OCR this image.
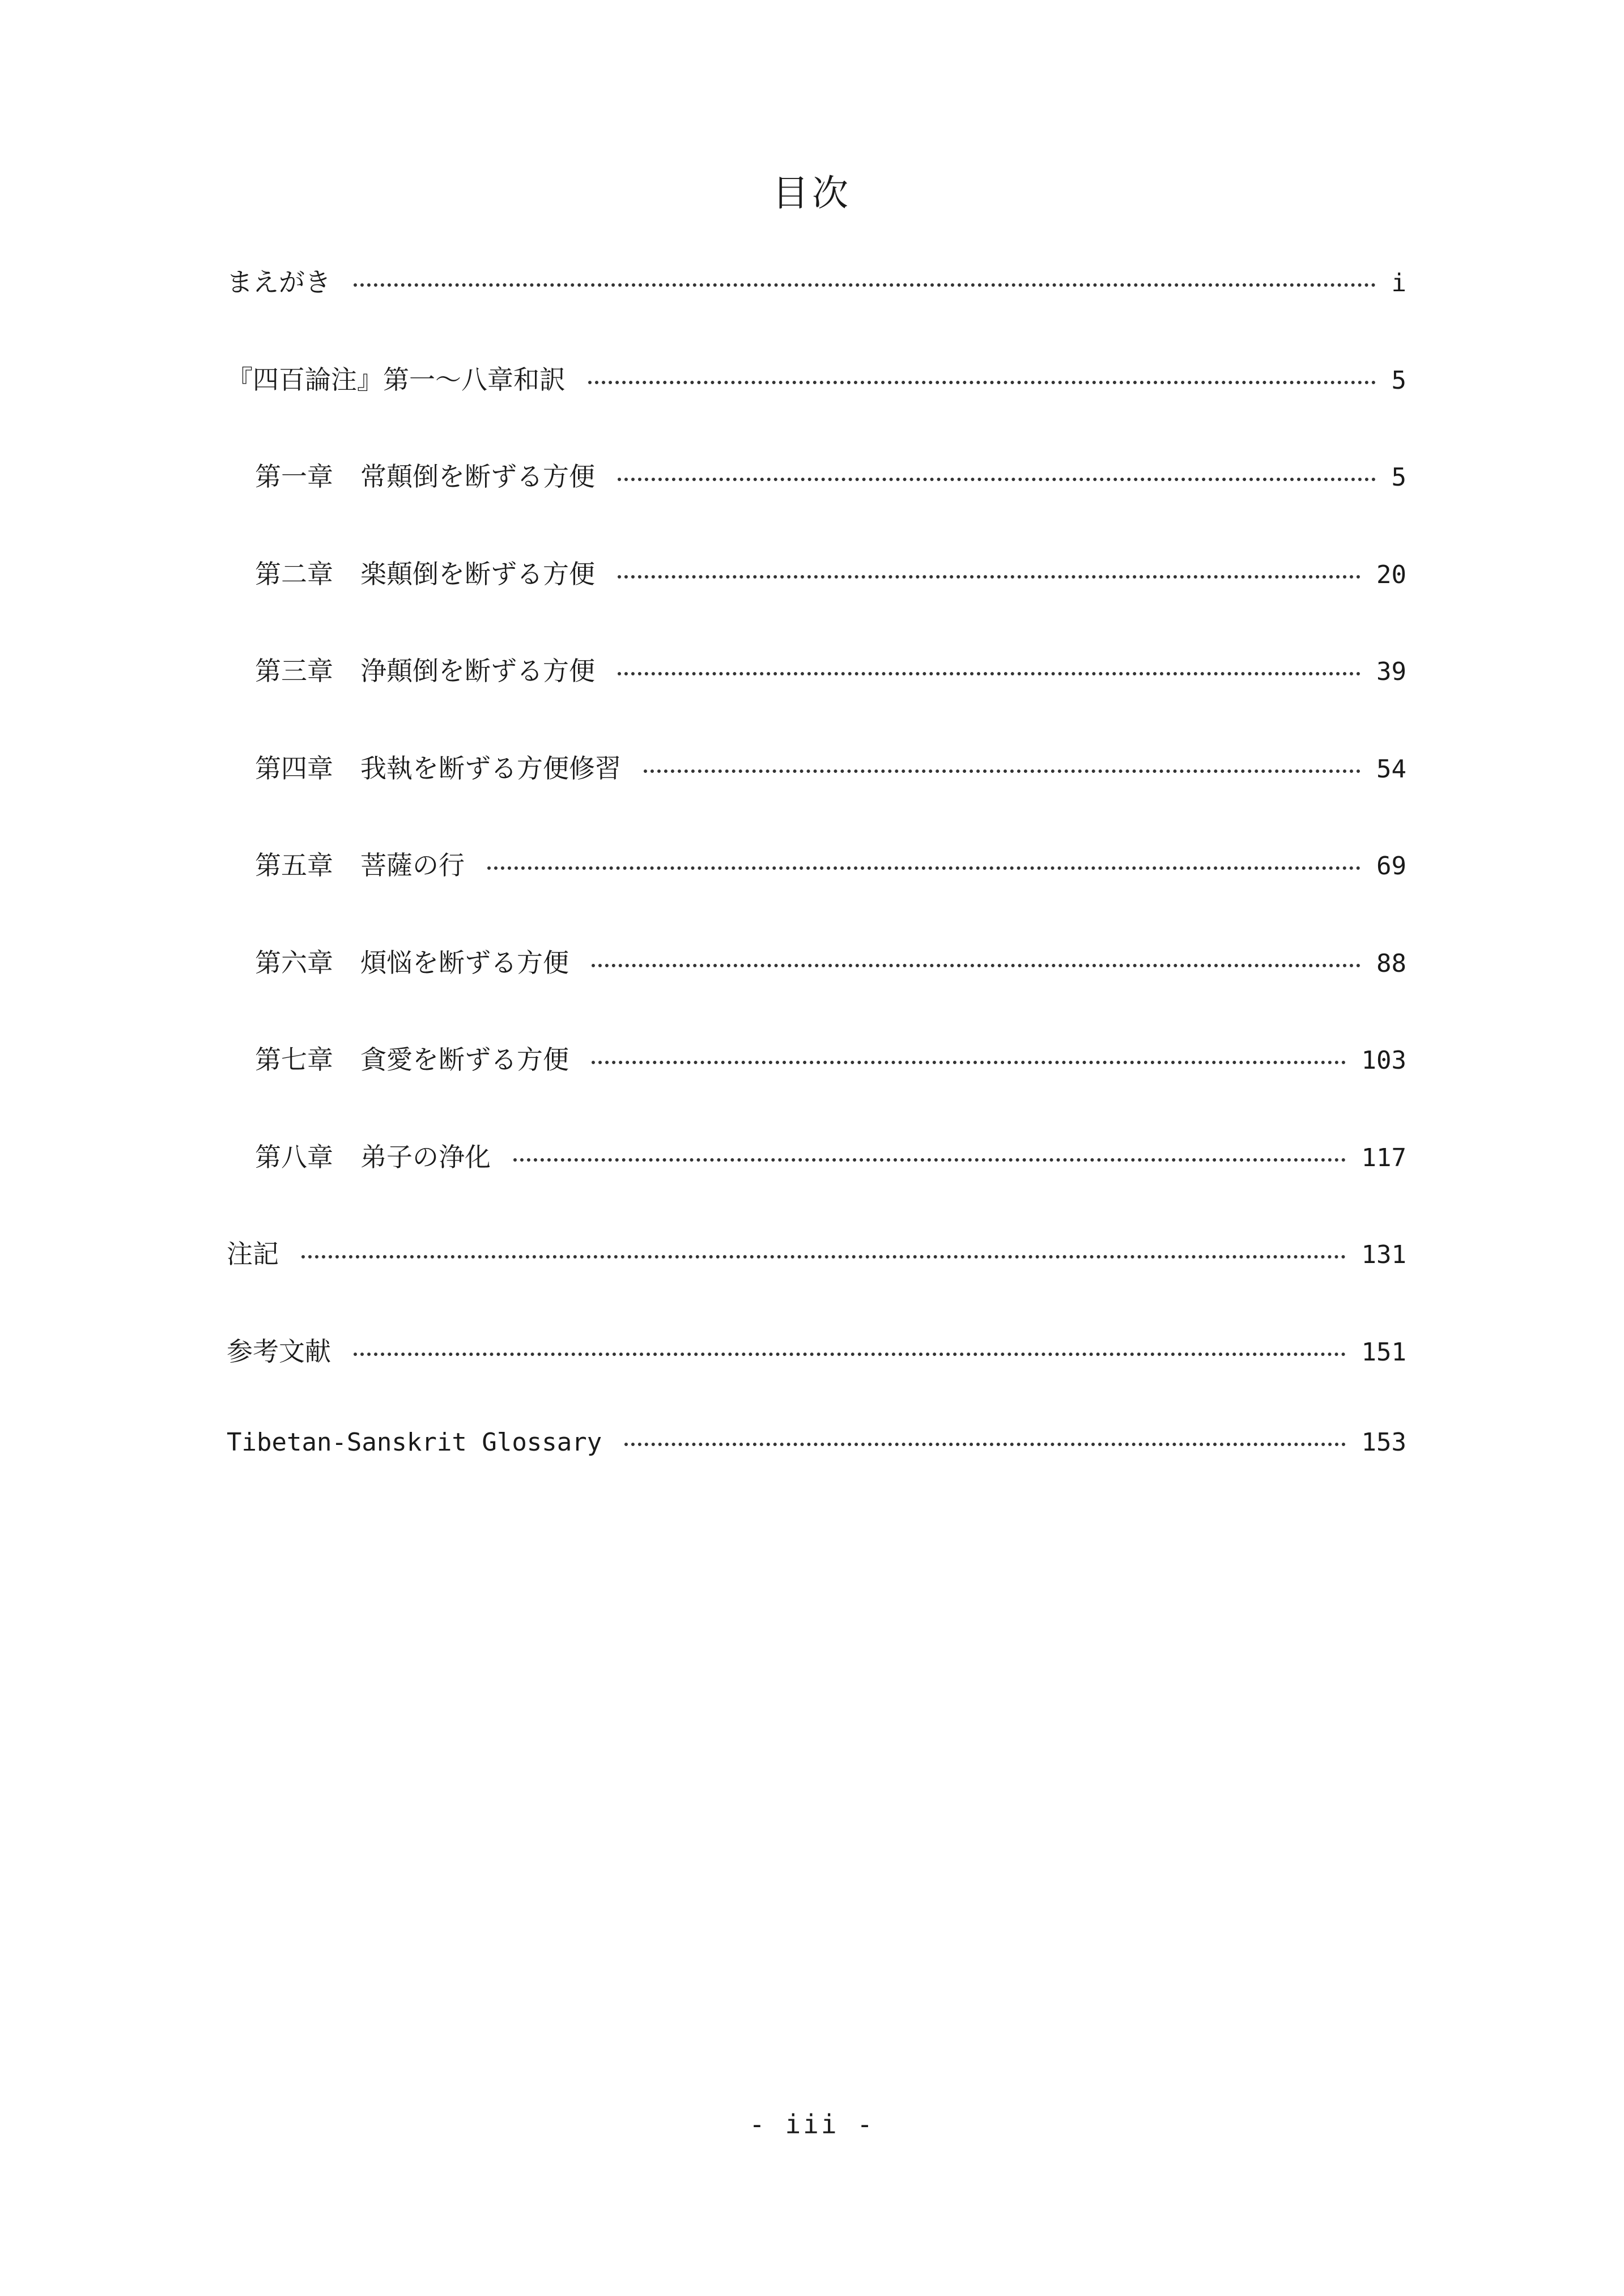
目次
まえがき	i
『四百論注』第一～八章和訳	5
第一章 常顛倒を断ずる方便	5
第二章 楽顛倒を断ずる方便	20
第三章 浄顛倒を断ずる方便	39
第四章 我執を断ずる方便修習	54
第五章 菩薩の行	69
第六章 煩悩を断ずる方便	88
第七章 貪愛を断ずる方便	103
第八章 弟子の浄化	117
注記	131
参考文献	151
Tibetan-Sanskrit Glossary	153
- iii -
